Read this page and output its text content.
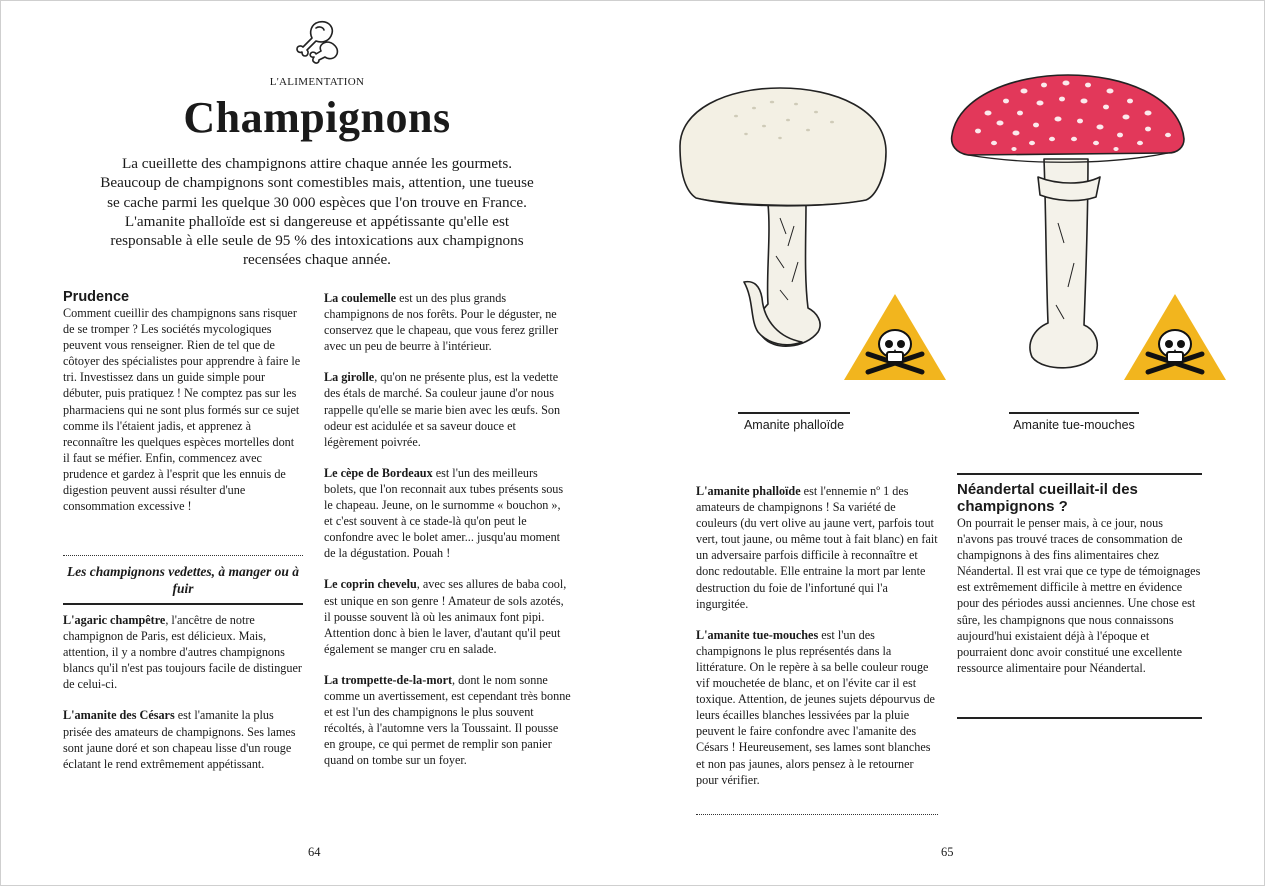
L'ALIMENTATION
Champignons
La cueillette des champignons attire chaque année les gourmets. Beaucoup de champignons sont comestibles mais, attention, une tueuse se cache parmi les quelque 30 000 espèces que l'on trouve en France. L'amanite phalloïde est si dangereuse et appétissante qu'elle est responsable à elle seule de 95 % des intoxications aux champignons recensées chaque année.
Prudence

Comment cueillir des champignons sans risquer de se tromper ? Les sociétés mycologiques peuvent vous renseigner. Rien de tel que de côtoyer des spécialistes pour apprendre à faire le tri. Investissez dans un guide simple pour débuter, puis pratiquez ! Ne comptez pas sur les pharmaciens qui ne sont plus formés sur ce sujet comme ils l'étaient jadis, et apprenez à reconnaître les quelques espèces mortelles dont il faut se méfier. Enfin, commencez avec prudence et gardez à l'esprit que les ennuis de digestion peuvent aussi résulter d'une consommation excessive !

Les champignons vedettes, à manger ou à fuir

L'agaric champêtre, l'ancêtre de notre champignon de Paris, est délicieux. Mais, attention, il y a nombre d'autres champignons blancs qu'il n'est pas toujours facile de distinguer de celui-ci.

L'amanite des Césars est l'amanite la plus prisée des amateurs de champignons. Ses lames sont jaune doré et son chapeau lisse d'un rouge éclatant le rend extrêmement appétissant.

La coulemelle est un des plus grands champignons de nos forêts. Pour le déguster, ne conservez que le chapeau, que vous ferez griller avec un peu de beurre à l'intérieur.

La girolle, qu'on ne présente plus, est la vedette des étals de marché. Sa couleur jaune d'or nous rappelle qu'elle se marie bien avec les œufs. Son odeur est acidulée et sa saveur douce et légèrement poivrée.

Le cèpe de Bordeaux est l'un des meilleurs bolets, que l'on reconnait aux tubes présents sous le chapeau. Jeune, on le surnomme « bouchon », et c'est souvent à ce stade-là qu'on peut le confondre avec le bolet amer... jusqu'au moment de la dégustation. Pouah !

Le coprin chevelu, avec ses allures de baba cool, est unique en son genre ! Amateur de sols azotés, il pousse souvent là où les animaux font pipi. Attention donc à bien le laver, d'autant qu'il peut également se manger cru en salade.

La trompette-de-la-mort, dont le nom sonne comme un avertissement, est cependant très bonne et est l'un des champignons le plus souvent récoltés, à l'automne vers la Toussaint. Il pousse en groupe, ce qui permet de remplir son panier quand on tombe sur un foyer.

64
Amanite phalloïde	Amanite tue-mouches

L'amanite phalloïde est l'ennemie nº 1 des amateurs de champignons ! Sa variété de couleurs (du vert olive au jaune vert, parfois tout vert, tout jaune, ou même tout à fait blanc) en fait un adversaire parfois difficile à reconnaître et donc redoutable. Elle entraine la mort par lente destruction du foie de l'infortuné qui l'a ingurgitée.

L'amanite tue-mouches est l'un des champignons le plus représentés dans la littérature. On le repère à sa belle couleur rouge vif mouchetée de blanc, et on l'évite car il est toxique. Attention, de jeunes sujets dépourvus de leurs écailles blanches lessivées par la pluie peuvent le faire confondre avec l'amanite des Césars ! Heureusement, ses lames sont blanches et non pas jaunes, alors pensez à le retourner pour vérifier.

Néandertal cueillait-il des champignons ?

On pourrait le penser mais, à ce jour, nous n'avons pas trouvé traces de consommation de champignons à des fins alimentaires chez Néandertal. Il est vrai que ce type de témoignages est extrêmement difficile à mettre en évidence pour des périodes aussi anciennes. Une chose est sûre, les champignons que nous connaissons aujourd'hui existaient déjà à l'époque et pourraient donc avoir constitué une excellente ressource alimentaire pour Néandertal.

65
